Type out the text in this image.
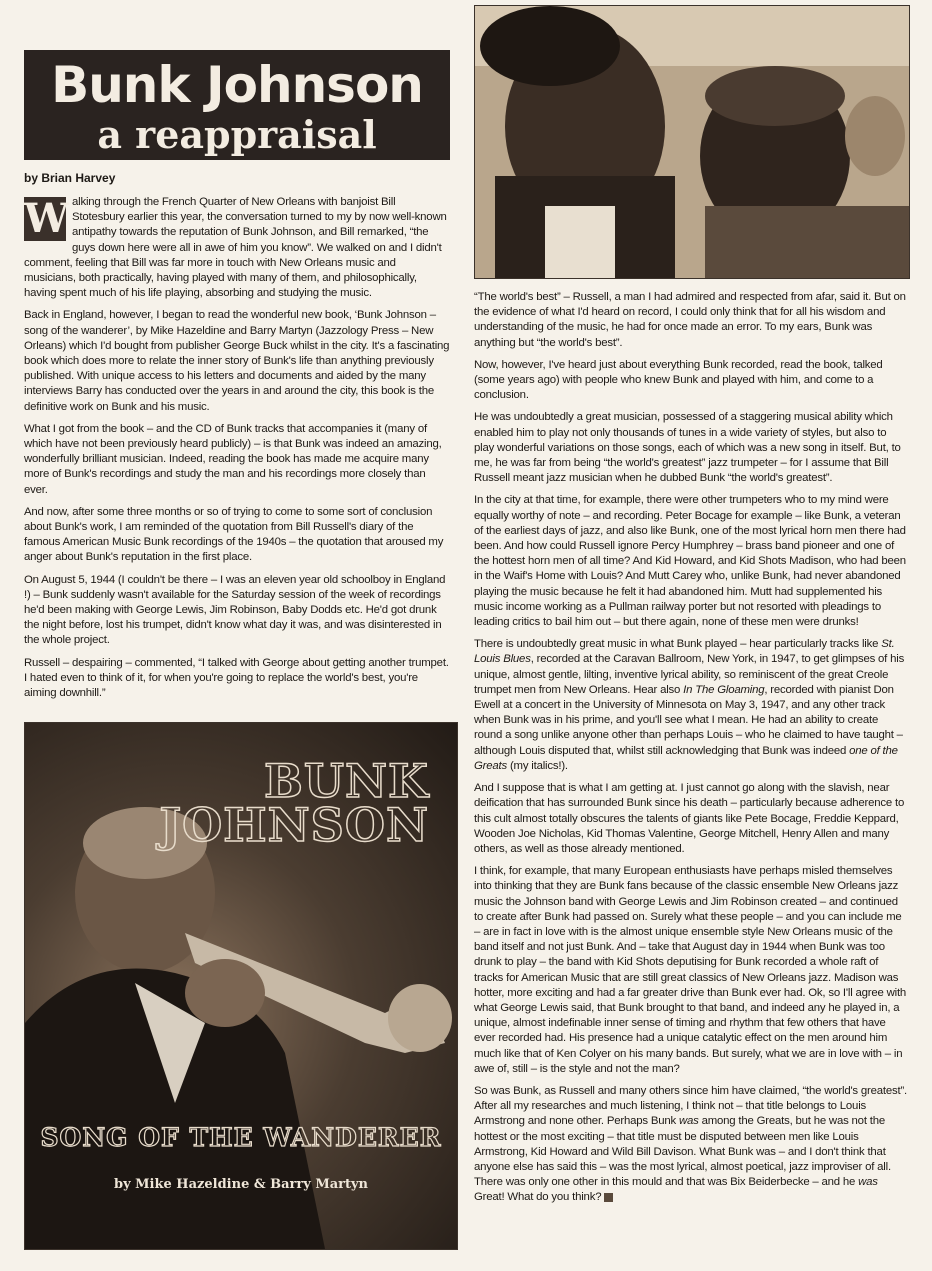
Bunk Johnson
a reappraisal
by Brian Harvey

W alking through the French Quarter of New Orleans with banjoist Bill Stotesbury earlier this year, the conversation turned to my by now well-known antipathy towards the reputation of Bunk Johnson, and Bill remarked, “the guys down here were all in awe of him you know”. We walked on and I didn't comment, feeling that Bill was far more in touch with New Orleans music and musicians, both practically, having played with many of them, and philosophically, having spent much of his life playing, absorbing and studying the music.

Back in England, however, I began to read the wonderful new book, ‘Bunk Johnson – song of the wanderer’, by Mike Hazeldine and Barry Martyn (Jazzology Press – New Orleans) which I'd bought from publisher George Buck whilst in the city. It's a fascinating book which does more to relate the inner story of Bunk's life than anything previously published. With unique access to his letters and documents and aided by the many interviews Barry has conducted over the years in and around the city, this book is the definitive work on Bunk and his music.

What I got from the book – and the CD of Bunk tracks that accompanies it (many of which have not been previously heard publicly) – is that Bunk was indeed an amazing, wonderfully brilliant musician. Indeed, reading the book has made me acquire many more of Bunk's recordings and study the man and his recordings more closely than ever.

And now, after some three months or so of trying to come to some sort of conclusion about Bunk's work, I am reminded of the quotation from Bill Russell's diary of the famous American Music Bunk recordings of the 1940s – the quotation that aroused my anger about Bunk's reputation in the first place.

On August 5, 1944 (I couldn't be there – I was an eleven year old schoolboy in England !) – Bunk suddenly wasn't available for the Saturday session of the week of recordings he'd been making with George Lewis, Jim Robinson, Baby Dodds etc. He'd got drunk the night before, lost his trumpet, didn't know what day it was, and was disinterested in the whole project.

Russell – despairing – commented, “I talked with George about getting another trumpet. I hated even to think of it, for when you're going to replace the world's best, you're aiming downhill.”

“The world's best” – Russell, a man I had admired and respected from afar, said it. But on the evidence of what I'd heard on record, I could only think that for all his wisdom and understanding of the music, he had for once made an error. To my ears, Bunk was anything but “the world's best”.

Now, however, I've heard just about everything Bunk recorded, read the book, talked (some years ago) with people who knew Bunk and played with him, and come to a conclusion.

He was undoubtedly a great musician, possessed of a staggering musical ability which enabled him to play not only thousands of tunes in a wide variety of styles, but also to play wonderful variations on those songs, each of which was a new song in itself. But, to me, he was far from being “the world's greatest” jazz trumpeter – for I assume that Bill Russell meant jazz musician when he dubbed Bunk “the world's greatest”.

In the city at that time, for example, there were other trumpeters who to my mind were equally worthy of note – and recording. Peter Bocage for example – like Bunk, a veteran of the earliest days of jazz, and also like Bunk, one of the most lyrical horn men there had been. And how could Russell ignore Percy Humphrey – brass band pioneer and one of the hottest horn men of all time? And Kid Howard, and Kid Shots Madison, who had been in the Waif's Home with Louis? And Mutt Carey who, unlike Bunk, had never abandoned playing the music because he felt it had abandoned him. Mutt had supplemented his music income working as a Pullman railway porter but not resorted with pleadings to leading critics to bail him out – but there again, none of these men were drunks!

There is undoubtedly great music in what Bunk played – hear particularly tracks like St. Louis Blues, recorded at the Caravan Ballroom, New York, in 1947, to get glimpses of his unique, almost gentle, lilting, inventive lyrical ability, so reminiscent of the great Creole trumpet men from New Orleans. Hear also In The Gloaming, recorded with pianist Don Ewell at a concert in the University of Minnesota on May 3, 1947, and any other track when Bunk was in his prime, and you'll see what I mean. He had an ability to create round a song unlike anyone other than perhaps Louis – who he claimed to have taught – although Louis disputed that, whilst still acknowledging that Bunk was indeed one of the Greats (my italics!).

And I suppose that is what I am getting at. I just cannot go along with the slavish, near deification that has surrounded Bunk since his death – particularly because adherence to this cult almost totally obscures the talents of giants like Pete Bocage, Freddie Keppard, Wooden Joe Nicholas, Kid Thomas Valentine, George Mitchell, Henry Allen and many others, as well as those already mentioned.

I think, for example, that many European enthusiasts have perhaps misled themselves into thinking that they are Bunk fans because of the classic ensemble New Orleans jazz music the Johnson band with George Lewis and Jim Robinson created – and continued to create after Bunk had passed on. Surely what these people – and you can include me – are in fact in love with is the almost unique ensemble style New Orleans music of the band itself and not just Bunk. And – take that August day in 1944 when Bunk was too drunk to play – the band with Kid Shots deputising for Bunk recorded a whole raft of tracks for American Music that are still great classics of New Orleans jazz. Madison was hotter, more exciting and had a far greater drive than Bunk ever had. Ok, so I'll agree with what George Lewis said, that Bunk brought to that band, and indeed any he played in, a unique, almost indefinable inner sense of timing and rhythm that few others that have ever recorded had. His presence had a unique catalytic effect on the men around him much like that of Ken Colyer on his many bands. But surely, what we are in love with – in awe of, still – is the style and not the man?

So was Bunk, as Russell and many others since him have claimed, “the world's greatest”. After all my researches and much listening, I think not – that title belongs to Louis Armstrong and none other. Perhaps Bunk was among the Greats, but he was not the hottest or the most exciting – that title must be disputed between men like Louis Armstrong, Kid Howard and Wild Bill Davison. What Bunk was – and I don't think that anyone else has said this – was the most lyrical, almost poetical, jazz improviser of all. There was only one other in this mould and that was Bix Beiderbecke – and he was Great! What do you think?

BUNK
JOHNSON
SONG OF THE WANDERER
by Mike Hazeldine & Barry Martyn
